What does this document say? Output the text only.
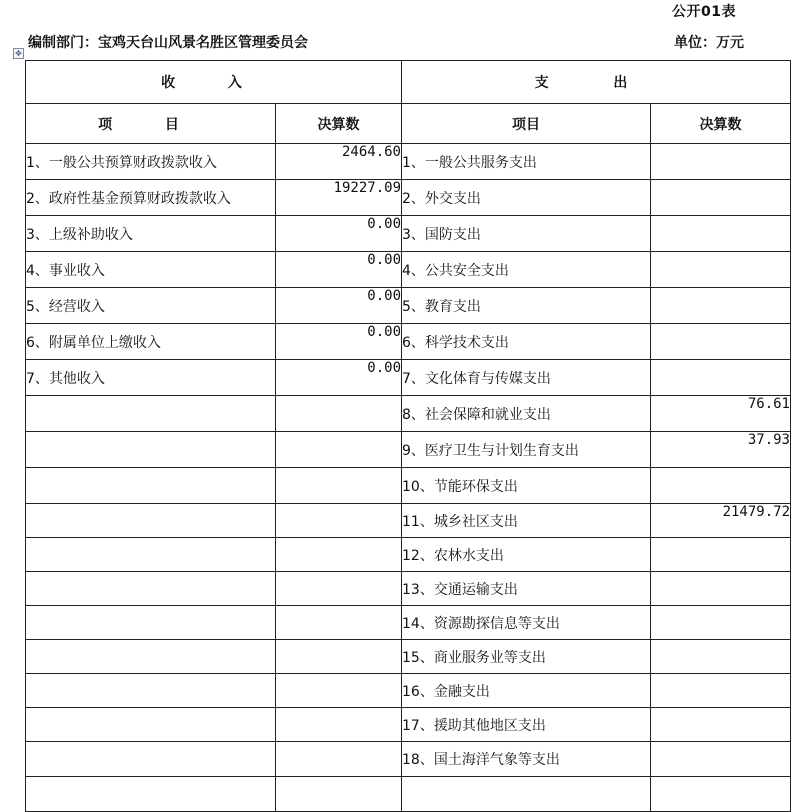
公开01表
编制部门：宝鸡天台山风景名胜区管理委员会	单位：万元
✥
收 入		支 出	
项 目	决算数	项目	决算数
1、一般公共预算财政拨款收入	2464.60	1、一般公共服务支出	
2、政府性基金预算财政拨款收入	19227.09	2、外交支出	
3、上级补助收入	0.00	3、国防支出	
4、事业收入	0.00	4、公共安全支出	
5、经营收入	0.00	5、教育支出	
6、附属单位上缴收入	0.00	6、科学技术支出	
7、其他收入	0.00	7、文化体育与传媒支出	
		8、社会保障和就业支出	76.61
		9、医疗卫生与计划生育支出	37.93
		10、节能环保支出	
		11、城乡社区支出	21479.72
		12、农林水支出	
		13、交通运输支出	
		14、资源勘探信息等支出	
		15、商业服务业等支出	
		16、金融支出	
		17、援助其他地区支出	
		18、国土海洋气象等支出	
